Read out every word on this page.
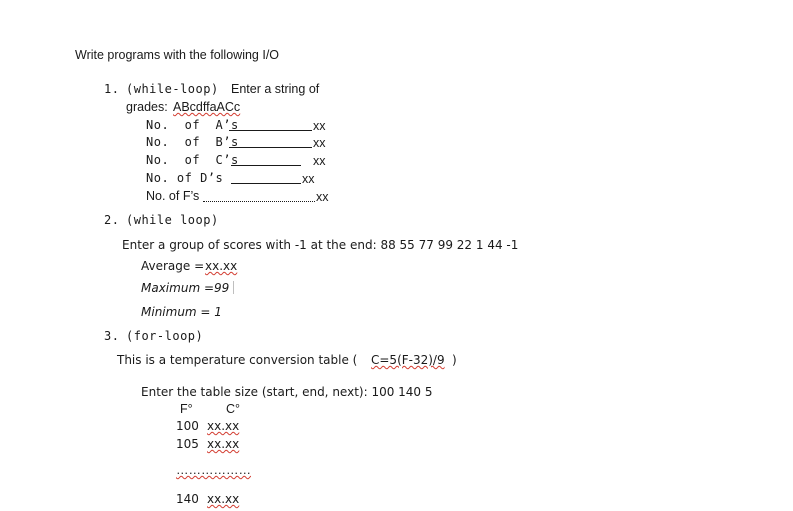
Write programs with the following I/O
1. (while-loop) Enter a string of
grades: ABcdffaACc
No.  of  A’s	xx
No.  of  B’s	xx
No.  of  C’s	xx
No. of D’s	xx
No. of F’s	xx
2. (while loop)
Enter a group of scores with -1 at the end: 88 55 77 99 22 1 44 -1
Average = xx.xx
Maximum =99
Minimum = 1
3. (for-loop)
This is a temperature conversion table ( C=5(F-32)/9 )
Enter the table size (start, end, next): 100 140 5
F°	C°
100 xx.xx
105 xx.xx
………………
140 xx.xx
